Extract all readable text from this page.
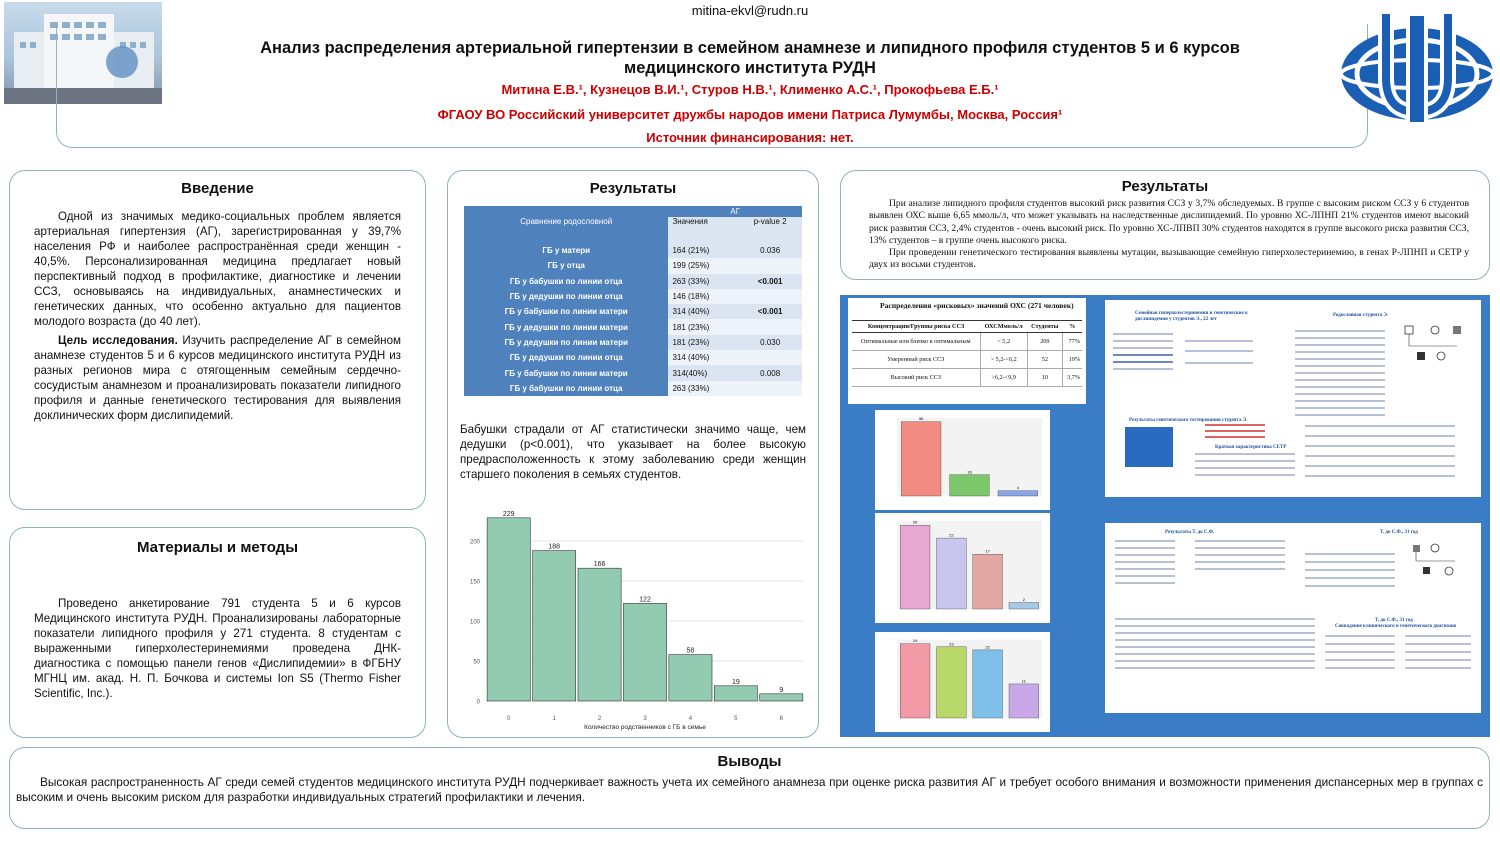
mitina-ekvl@rudn.ru
Анализ распределения артериальной гипертензии в семейном анамнезе и липидного профиля студентов 5 и 6 курсов
медицинского института РУДН
Митина Е.В.¹, Кузнецов В.И.¹, Стуров Н.В.¹, Клименко А.С.¹, Прокофьева Е.Б.¹
ФГАОУ ВО Российский университет дружбы народов имени Патриса Лумумбы, Москва, Россия¹
Источник финансирования: нет.
Введение
Одной из значимых медико-социальных проблем является артериальная гипертензия (АГ), зарегистрированная у 39,7% населения РФ и наиболее распространённая среди женщин - 40,5%. Персонализированная медицина предлагает новый перспективный подход в профилактике, диагностике и лечении ССЗ, основываясь на индивидуальных, анамнестических и генетических данных, что особенно актуально для пациентов молодого возраста (до 40 лет).
Цель исследования. Изучить распределение АГ в семейном анамнезе студентов 5 и 6 курсов медицинского института РУДН из разных регионов мира с отягощенным семейным сердечно-сосудистым анамнезом и проанализировать показатели липидного профиля и данные генетического тестирования для выявления доклинических форм дислипидемий.
Материалы и методы
Проведено анкетирование 791 студента 5 и 6 курсов Медицинского института РУДН. Проанализированы лабораторные показатели липидного профиля у 271 студента. 8 студентам с выраженными гиперхолестеринемиями проведена ДНК-диагностика с помощью панели генов «Дислипидемии» в ФГБНУ МГНЦ им. акад. Н. П. Бочкова и системы Ion S5 (Thermo Fisher Scientific, Inc.).
Результаты
	АГ	
Сравнение родословной	Значения	p-value 2
ГБ у матери	164 (21%)	0.036
ГБ у отца	199 (25%)	
ГБ у бабушки по линии отца	263 (33%)	<0.001
ГБ у дедушки по линии отца	146 (18%)	
ГБ у бабушки по линии матери	314 (40%)	<0.001
ГБ у дедушки по линии матери	181 (23%)	
ГБ у дедушки по линии матери	181 (23%)	0.030
ГБ у дедушки по линии отца	314 (40%)	
ГБ у бабушки по линии матери	314(40%)	0.008
ГБ у бабушки по линии отца	263 (33%)	
Бабушки страдали от АГ статистически значимо чаще, чем дедушки (p<0.001), что указывает на более высокую предрасположенность к этому заболеванию среди женщин старшего поколения в семьях студентов.
0
50
100
150
200
229
0
188
1
166
2
122
3
58
4
19
5
9
6
Количество родственников с ГБ в семье
Результаты
При анализе липидного профиля студентов высокий риск развития ССЗ у 3,7% обследуемых. В группе с высоким риском ССЗ у 6 студентов выявлен ОХС выше 6,65 ммоль/л, что может указывать на наследственные дислипидемий. По уровню ХС-ЛПНП 21% студентов имеют высокий риск развития ССЗ, 2,4% студентов - очень высокий риск. По уровню ХС-ЛПВП 30% студентов находятся в группе высокого риска развития ССЗ, 13% студентов – в группе очень высокого риска.
При проведении генетического тестирования выявлены мутации, вызывающие семейную гиперхолестеринемию, в генах Р-ЛПНП и CETP у двух из восьми студентов.
Распределения «рисковых» значений ОХС (271 человек)
Концентрации/Группы риска ССЗ	ОХСМмоль/л	Студенты	%
Оптимальные или близко к оптимальным	< 5,2	209	77%
Умеренный риск ССЗ	> 5,2-<6,2	52	19%
Высокий риск ССЗ	>6,2-<9,9	10	3,7%
56
16
4
26
22
17
2
24
23
22
11
Семейная гиперхолестеринемия и генетические к
дислипидемия у студентов Э., 22 лет
Родословная студента Э.
Результаты генетического тестирования студента Э.
Краткая характеристика CETP
Результаты Т. до С.Ф.	Т. до С.Ф., 31 год
Т. до С.Ф., 31 год
Совпадение клинического и генетического диагнозов
Выводы
Высокая распространенность АГ среди семей студентов медицинского института РУДН подчеркивает важность учета их семейного анамнеза при оценке риска развития АГ и требует особого внимания и возможности применения диспансерных мер в группах с высоким и очень высоким риском для разработки индивидуальных стратегий профилактики и лечения.
